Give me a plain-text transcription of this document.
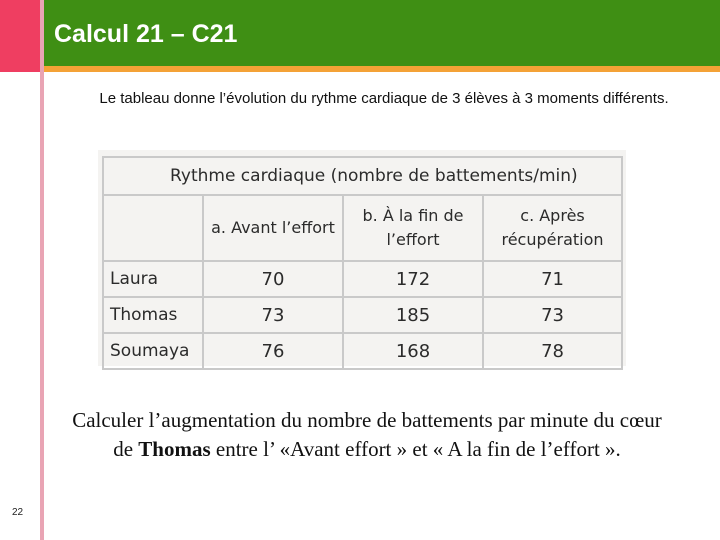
Calcul 21 – C21
Le tableau donne l’évolution du rythme cardiaque de 3 élèves à 3 moments différents.
Rythme cardiaque (nombre de battements/min)			
	a. Avant l’effort	b. À la fin de l’effort	c. Après récupération
Laura	70	172	71
Thomas	73	185	73
Soumaya	76	168	78
Calculer l’augmentation du nombre de battements par minute du cœur de Thomas entre l’ «Avant effort » et « A la fin de l’effort ».
22
